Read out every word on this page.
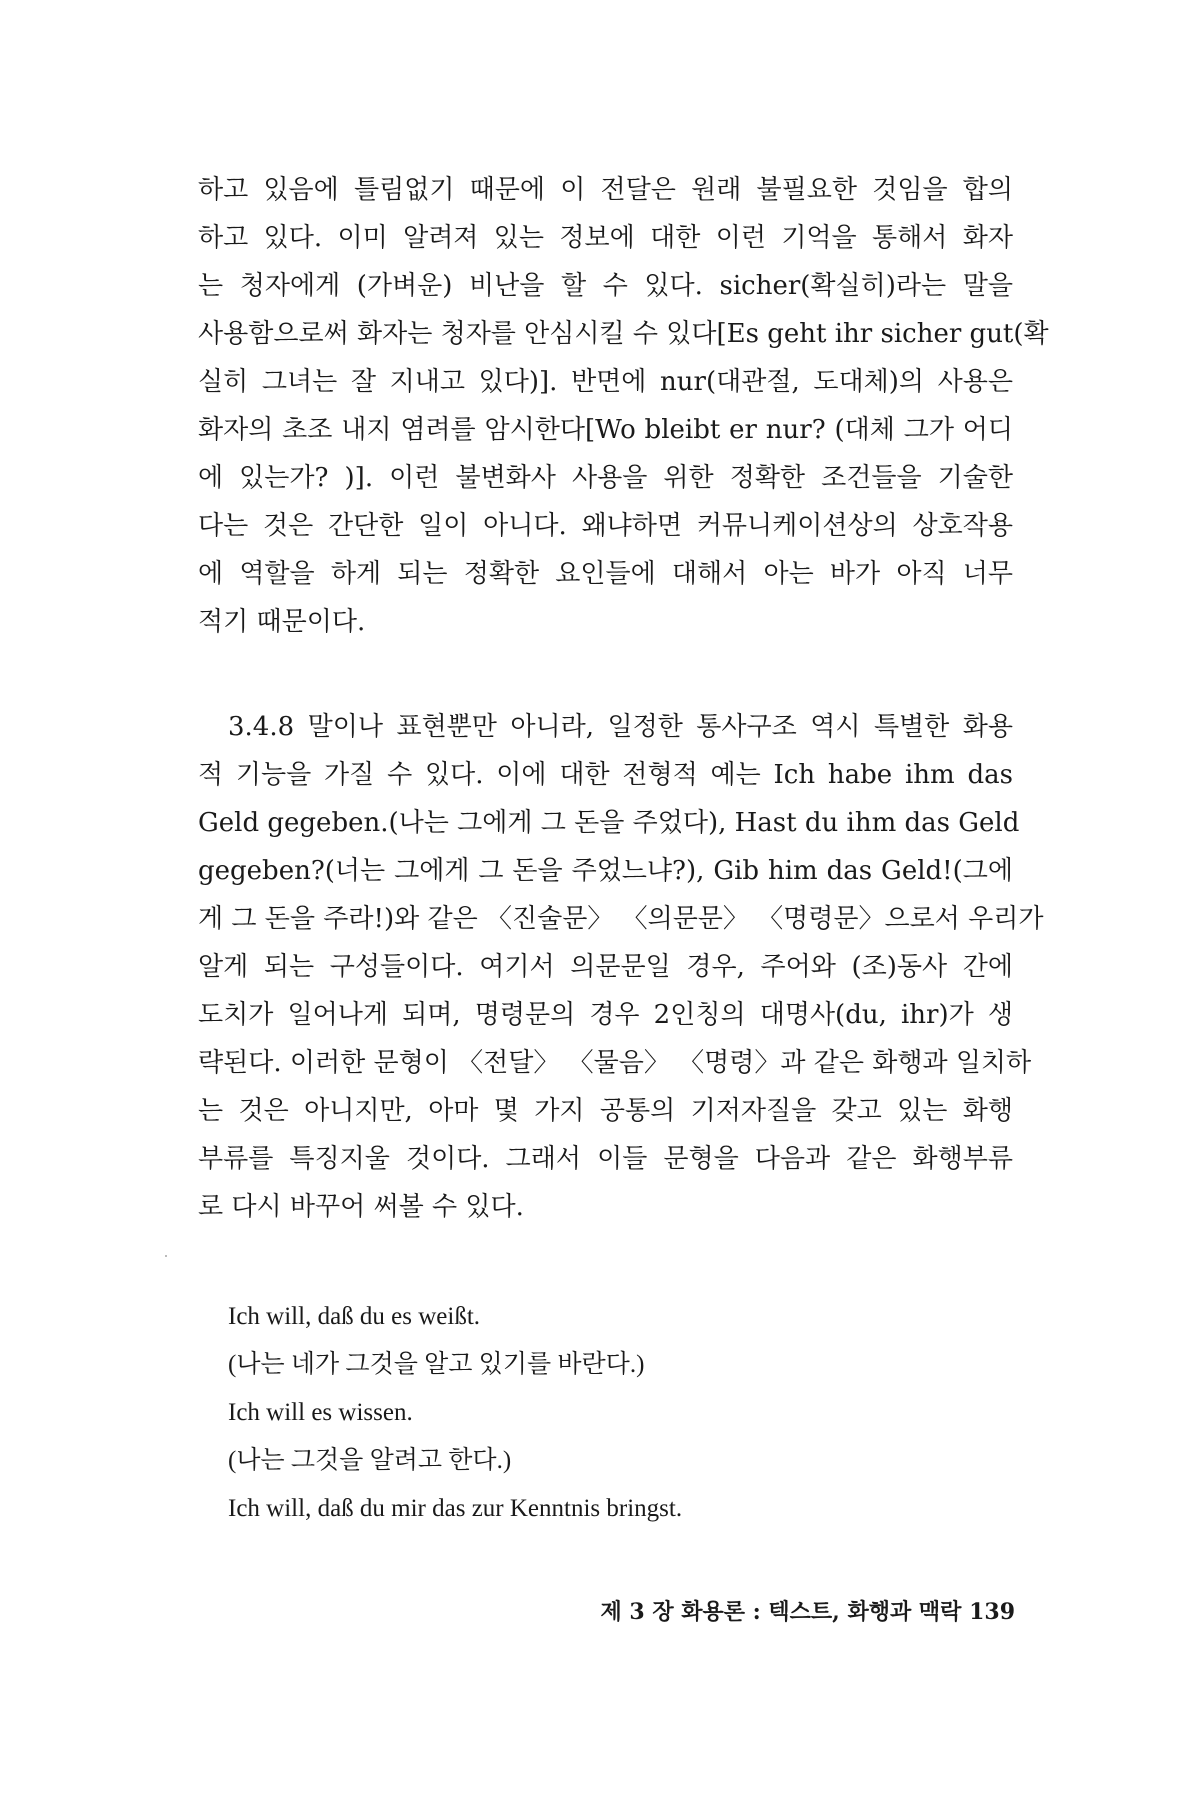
하고 있음에 틀림없기 때문에 이 전달은 원래 불필요한 것임을 합의
하고 있다. 이미 알려져 있는 정보에 대한 이런 기억을 통해서 화자
는 청자에게 (가벼운) 비난을 할 수 있다. sicher(확실히)라는 말을
사용함으로써 화자는 청자를 안심시킬 수 있다[Es geht ihr sicher gut(확
실히 그녀는 잘 지내고 있다)]. 반면에 nur(대관절, 도대체)의 사용은
화자의 초조 내지 염려를 암시한다[Wo bleibt er nur? (대체 그가 어디
에 있는가? )]. 이런 불변화사 사용을 위한 정확한 조건들을 기술한
다는 것은 간단한 일이 아니다. 왜냐하면 커뮤니케이션상의 상호작용
에 역할을 하게 되는 정확한 요인들에 대해서 아는 바가 아직 너무
적기 때문이다.
3.4.8 말이나 표현뿐만 아니라, 일정한 통사구조 역시 특별한 화용
적 기능을 가질 수 있다. 이에 대한 전형적 예는 Ich habe ihm das
Geld gegeben.(나는 그에게 그 돈을 주었다), Hast du ihm das Geld
gegeben?(너는 그에게 그 돈을 주었느냐?), Gib him das Geld!(그에
게 그 돈을 주라!)와 같은 〈진술문〉 〈의문문〉 〈명령문〉으로서 우리가
알게 되는 구성들이다. 여기서 의문문일 경우, 주어와 (조)동사 간에
도치가 일어나게 되며, 명령문의 경우 2인칭의 대명사(du, ihr)가 생
략된다. 이러한 문형이 〈전달〉 〈물음〉 〈명령〉과 같은 화행과 일치하
는 것은 아니지만, 아마 몇 가지 공통의 기저자질을 갖고 있는 화행
부류를 특징지울 것이다. 그래서 이들 문형을 다음과 같은 화행부류
로 다시 바꾸어 써볼 수 있다.
Ich will, daß du es weißt.
(나는 네가 그것을 알고 있기를 바란다.)
Ich will es wissen.
(나는 그것을 알려고 한다.)
Ich will, daß du mir das zur Kenntnis bringst.
제 3 장 화용론 : 텍스트, 화행과 맥락 139
